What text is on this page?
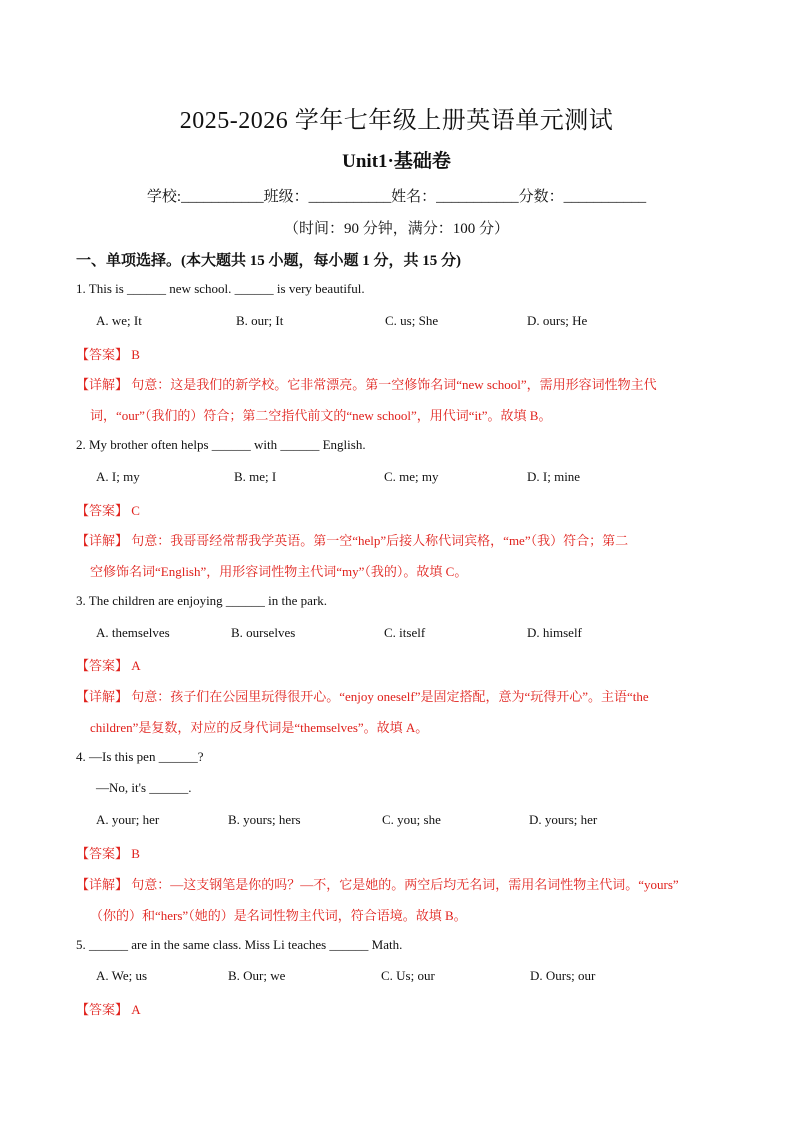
2025-2026 学年七年级上册英语单元测试
Unit1·基础卷
学校:___________班级：___________姓名：___________分数：___________
（时间：90 分钟，满分：100 分）
一、单项选择。(本大题共 15 小题，每小题 1 分，共 15 分)
1. This is ______ new school. ______ is very beautiful.
A. we; It	B. our; It	C. us; She	D. ours; He
【答案】 B
【详解】 句意：这是我们的新学校。它非常漂亮。第一空修饰名词“new school”，需用形容词性物主代
词，“our”（我们的）符合；第二空指代前文的“new school”，用代词“it”。故填 B。
2. My brother often helps ______ with ______ English.
A. I; my	B. me; I	C. me; my	D. I; mine
【答案】 C
【详解】 句意：我哥哥经常帮我学英语。第一空“help”后接人称代词宾格，“me”（我）符合；第二
空修饰名词“English”，用形容词性物主代词“my”（我的）。故填 C。
3. The children are enjoying ______ in the park.
A. themselves	B. ourselves	C. itself	D. himself
【答案】 A
【详解】 句意：孩子们在公园里玩得很开心。“enjoy oneself”是固定搭配，意为“玩得开心”。主语“the
children”是复数，对应的反身代词是“themselves”。故填 A。
4. —Is this pen ______?
—No, it's ______.
A. your; her	B. yours; hers	C. you; she	D. yours; her
【答案】 B
【详解】 句意：—这支钢笔是你的吗？—不，它是她的。两空后均无名词，需用名词性物主代词。“yours”
（你的）和“hers”（她的）是名词性物主代词，符合语境。故填 B。
5. ______ are in the same class. Miss Li teaches ______ Math.
A. We; us	B. Our; we	C. Us; our	D. Ours; our
【答案】 A
